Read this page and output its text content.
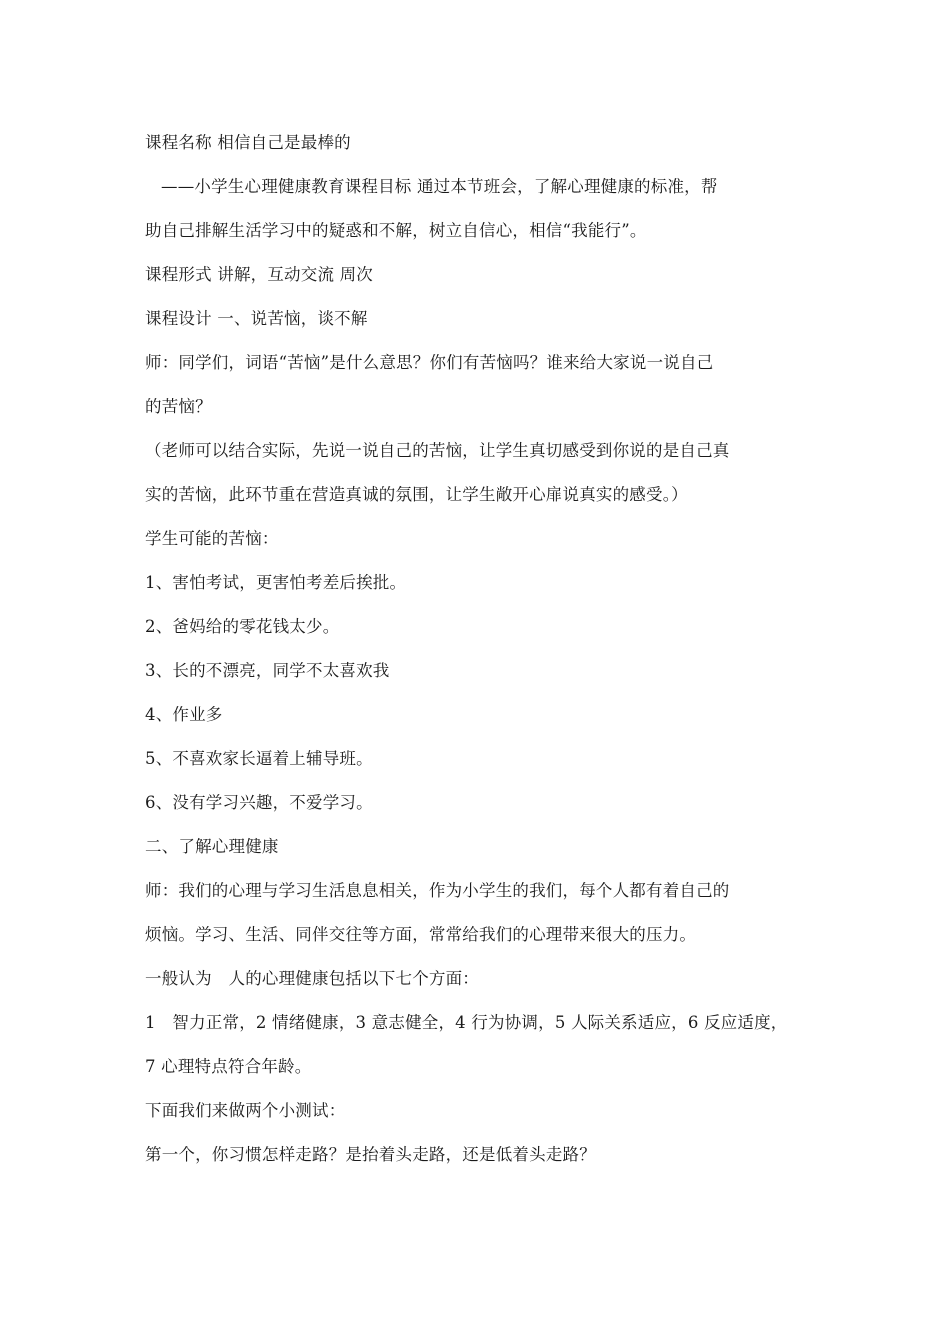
课程名称 相信自己是最棒的
——小学生心理健康教育课程目标 通过本节班会，了解心理健康的标准，帮
助自己排解生活学习中的疑惑和不解，树立自信心，相信“我能行”。
课程形式 讲解，互动交流 周次
课程设计 一、说苦恼，谈不解
师：同学们，词语“苦恼”是什么意思？你们有苦恼吗？谁来给大家说一说自己
的苦恼？
（老师可以结合实际，先说一说自己的苦恼，让学生真切感受到你说的是自己真
实的苦恼，此环节重在营造真诚的氛围，让学生敞开心扉说真实的感受。）
学生可能的苦恼：
1、害怕考试，更害怕考差后挨批。
2、爸妈给的零花钱太少。
3、长的不漂亮，同学不太喜欢我
4、作业多
5、不喜欢家长逼着上辅导班。
6、没有学习兴趣，不爱学习。
二、了解心理健康
师：我们的心理与学习生活息息相关，作为小学生的我们，每个人都有着自己的
烦恼。学习、生活、同伴交往等方面，常常给我们的心理带来很大的压力。
一般认为　人的心理健康包括以下七个方面：
1　智力正常，2 情绪健康，3 意志健全，4 行为协调，5 人际关系适应，6 反应适度，
7 心理特点符合年龄。
下面我们来做两个小测试：
第一个，你习惯怎样走路？是抬着头走路，还是低着头走路？
